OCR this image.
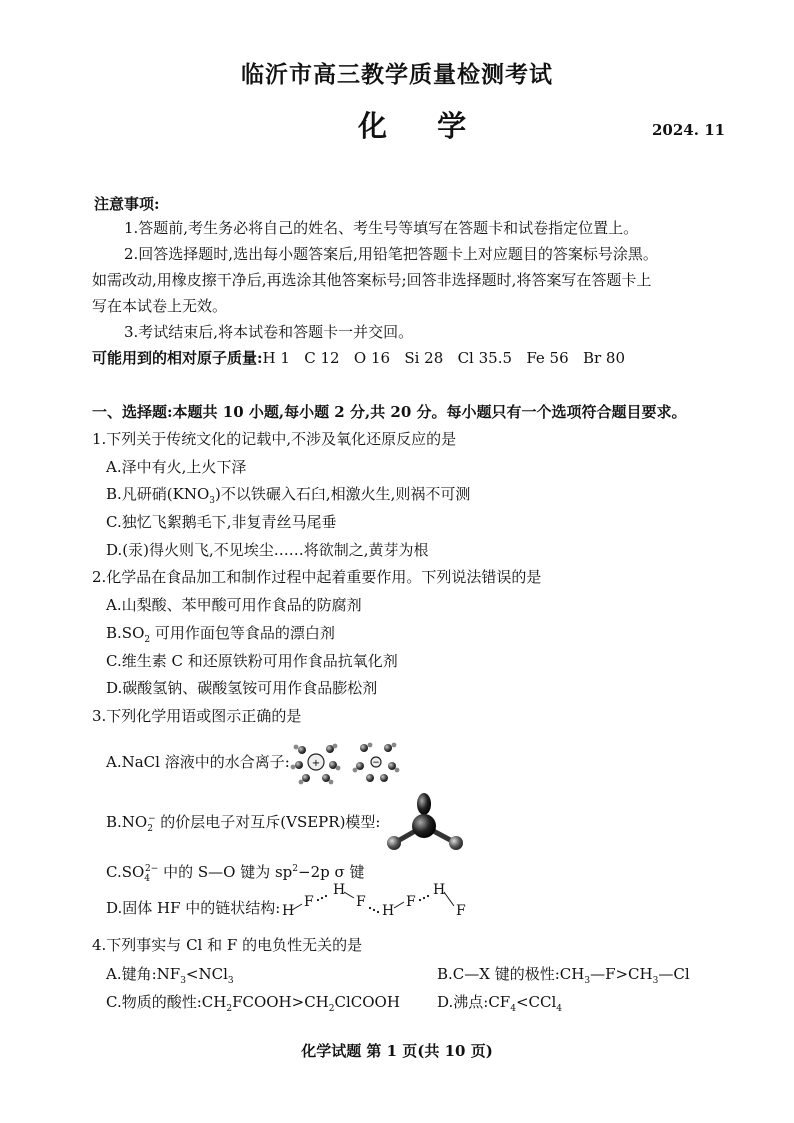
临沂市高三教学质量检测考试
化 学	2024. 11
注意事项:
1.答题前,考生务必将自己的姓名、考生号等填写在答题卡和试卷指定位置上。
2.回答选择题时,选出每小题答案后,用铅笔把答题卡上对应题目的答案标号涂黑。
如需改动,用橡皮擦干净后,再选涂其他答案标号;回答非选择题时,将答案写在答题卡上
写在本试卷上无效。
3.考试结束后,将本试卷和答题卡一并交回。
可能用到的相对原子质量:H 1   C 12   O 16   Si 28   Cl 35.5   Fe 56   Br 80
一、选择题:本题共 10 小题,每小题 2 分,共 20 分。每小题只有一个选项符合题目要求。
1.下列关于传统文化的记载中,不涉及氧化还原反应的是
A.泽中有火,上火下泽
B.凡研硝$(KNO_3)$不以铁碾入石臼,相激火生,则祸不可测
C.独忆飞絮鹅毛下,非复青丝马尾垂
D.(汞)得火则飞,不见埃尘……将欲制之,黄芽为根
2.化学品在食品加工和制作过程中起着重要作用。下列说法错误的是
A.山梨酸、苯甲酸可用作食品的防腐剂
$B.SO_2$ 可用作面包等食品的漂白剂
C.维生素 C 和还原铁粉可用作食品抗氧化剂
D.碳酸氢钠、碳酸氢铵可用作食品膨松剂
3.下列化学用语或图示正确的是
A.NaCl 溶液中的水合离子: +	−
$B.NO_2^-$ 的价层电子对互斥(VSEPR)模型:
$C.SO_4^{2-}$ 中的 S—O 键为 $sp^2-2p$ σ 键
D.固体 HF 中的链状结构: H
F
H
F
H
F
H
F
4.下列事实与 Cl 和 F 的电负性无关的是
A.键角$:NF_3<NCl_3$	B.C—X 键的极性$:CH_3—F>CH_3—Cl$
C.物质的酸性$:CH_2FCOOH>CH_2ClCOOH$ D.沸点$:CF_4<CCl_4$
化学试题 第 1 页(共 10 页)
